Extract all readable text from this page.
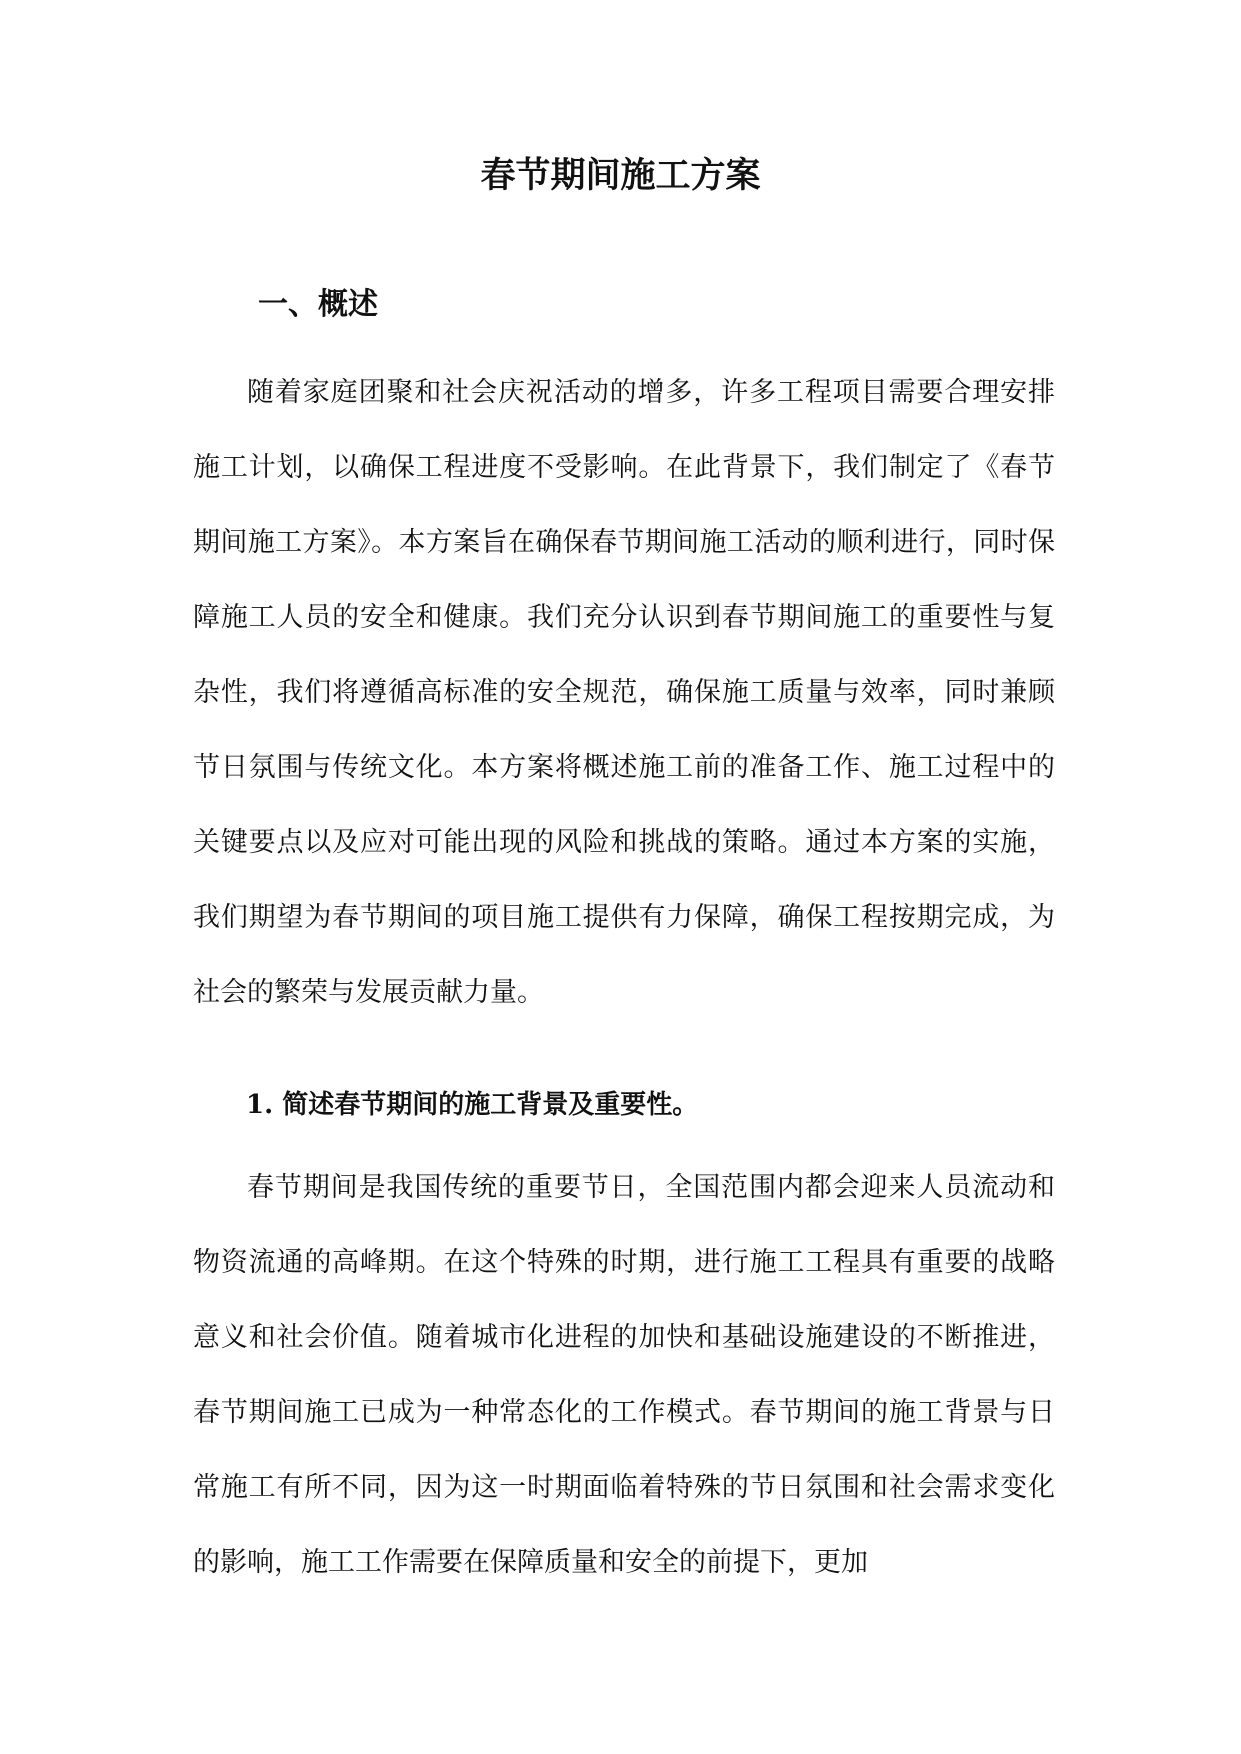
春节期间施工方案
一、概述

随着家庭团聚和社会庆祝活动的增多，许多工程项目需要合理安排施工计划，以确保工程进度不受影响。在此背景下，我们制定了《春节期间施工方案》。本方案旨在确保春节期间施工活动的顺利进行，同时保障施工人员的安全和健康。我们充分认识到春节期间施工的重要性与复杂性，我们将遵循高标准的安全规范，确保施工质量与效率，同时兼顾节日氛围与传统文化。本方案将概述施工前的准备工作、施工过程中的关键要点以及应对可能出现的风险和挑战的策略。通过本方案的实施，我们期望为春节期间的项目施工提供有力保障，确保工程按期完成，为社会的繁荣与发展贡献力量。

1. 简述春节期间的施工背景及重要性。

春节期间是我国传统的重要节日，全国范围内都会迎来人员流动和物资流通的高峰期。在这个特殊的时期，进行施工工程具有重要的战略意义和社会价值。随着城市化进程的加快和基础设施建设的不断推进，春节期间施工已成为一种常态化的工作模式。春节期间的施工背景与日常施工有所不同，因为这一时期面临着特殊的节日氛围和社会需求变化的影响，施工工作需要在保障质量和安全的前提下，更加
